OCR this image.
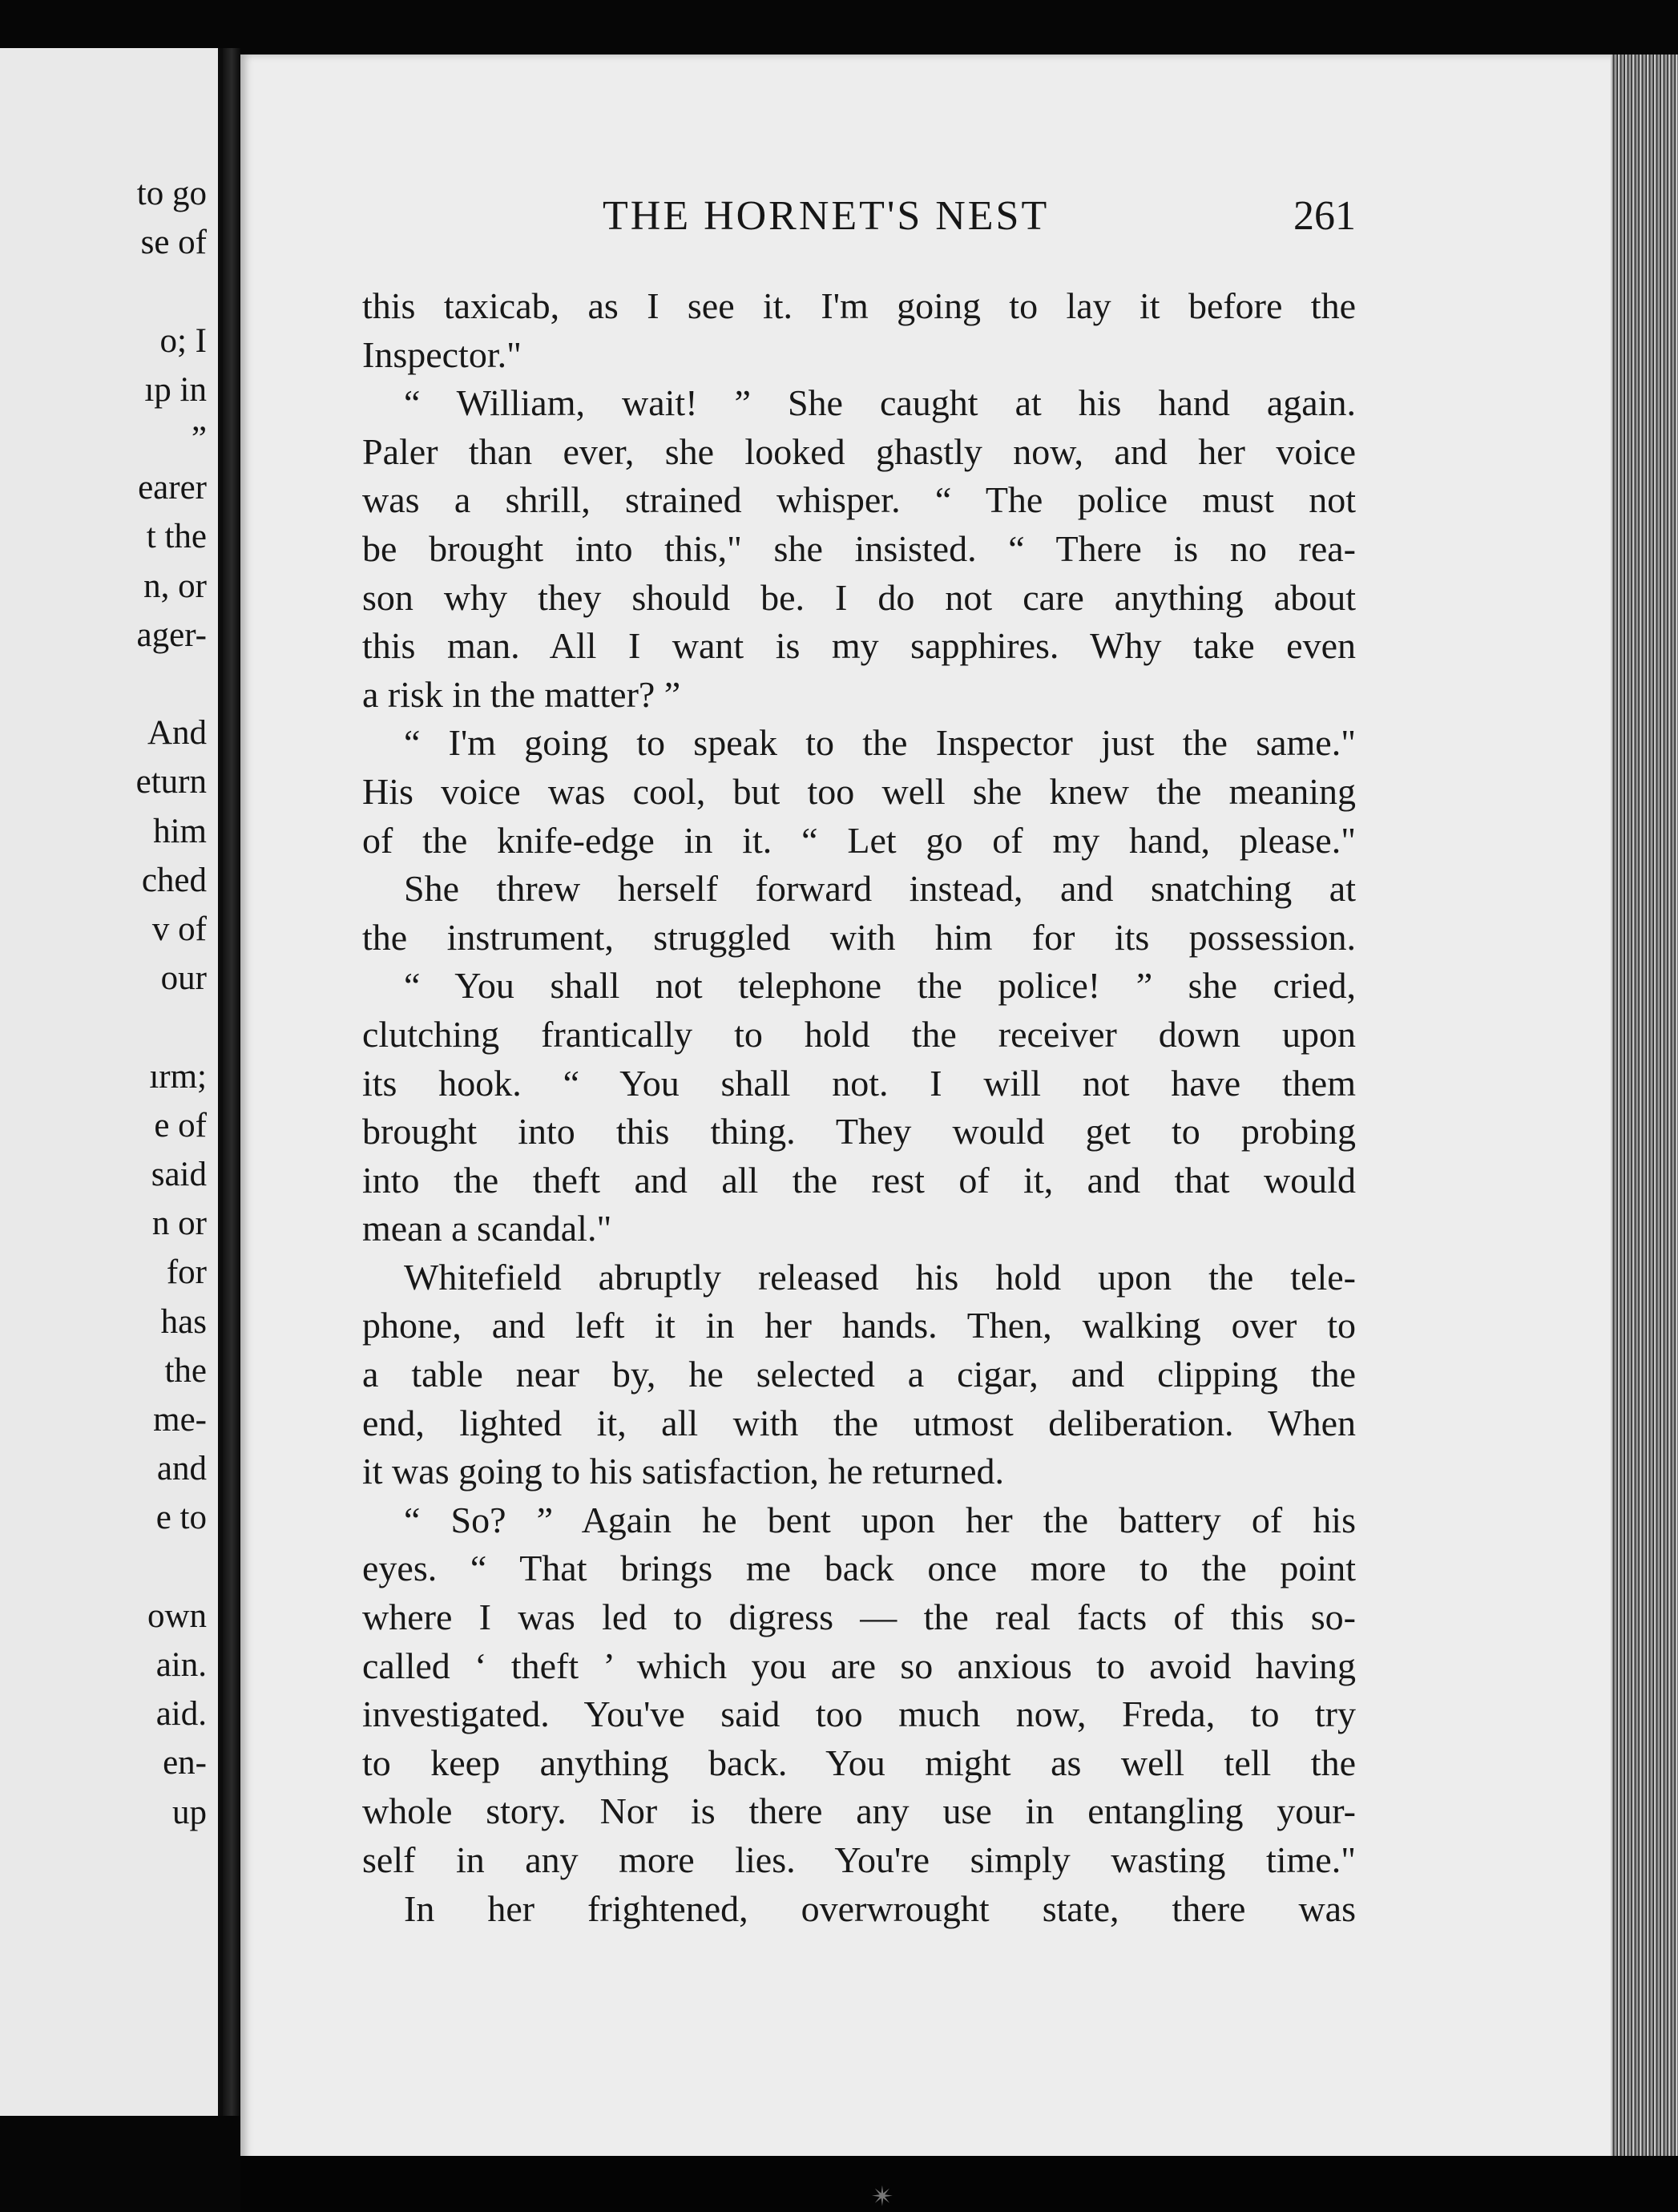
to go
se of
o; I
ıp in
”
earer
t the
n, or
ager-
And
eturn
him
ched
v of
our
ırm;
e of
said
n or
for
has
the
me-
and
e to
own
ain.
aid.
en-
up
THE HORNET'S NEST	261
this taxicab, as I see it. I'm going to lay it before the
Inspector."
“ William, wait! ” She caught at his hand again.
Paler than ever, she looked ghastly now, and her voice
was a shrill, strained whisper. “ The police must not
be brought into this," she insisted. “ There is no rea-
son why they should be. I do not care anything about
this man. All I want is my sapphires. Why take even
a risk in the matter? ”
“ I'm going to speak to the Inspector just the same."
His voice was cool, but too well she knew the meaning
of the knife-edge in it. “ Let go of my hand, please."
She threw herself forward instead, and snatching at
the instrument, struggled with him for its possession.
“ You shall not telephone the police! ” she cried,
clutching frantically to hold the receiver down upon
its hook. “ You shall not. I will not have them
brought into this thing. They would get to probing
into the theft and all the rest of it, and that would
mean a scandal."
Whitefield abruptly released his hold upon the tele-
phone, and left it in her hands. Then, walking over to
a table near by, he selected a cigar, and clipping the
end, lighted it, all with the utmost deliberation. When
it was going to his satisfaction, he returned.
“ So? ” Again he bent upon her the battery of his
eyes. “ That brings me back once more to the point
where I was led to digress — the real facts of this so-
called ‘ theft ’ which you are so anxious to avoid having
investigated. You've said too much now, Freda, to try
to keep anything back. You might as well tell the
whole story. Nor is there any use in entangling your-
self in any more lies. You're simply wasting time."
In her frightened, overwrought state, there was
✴
